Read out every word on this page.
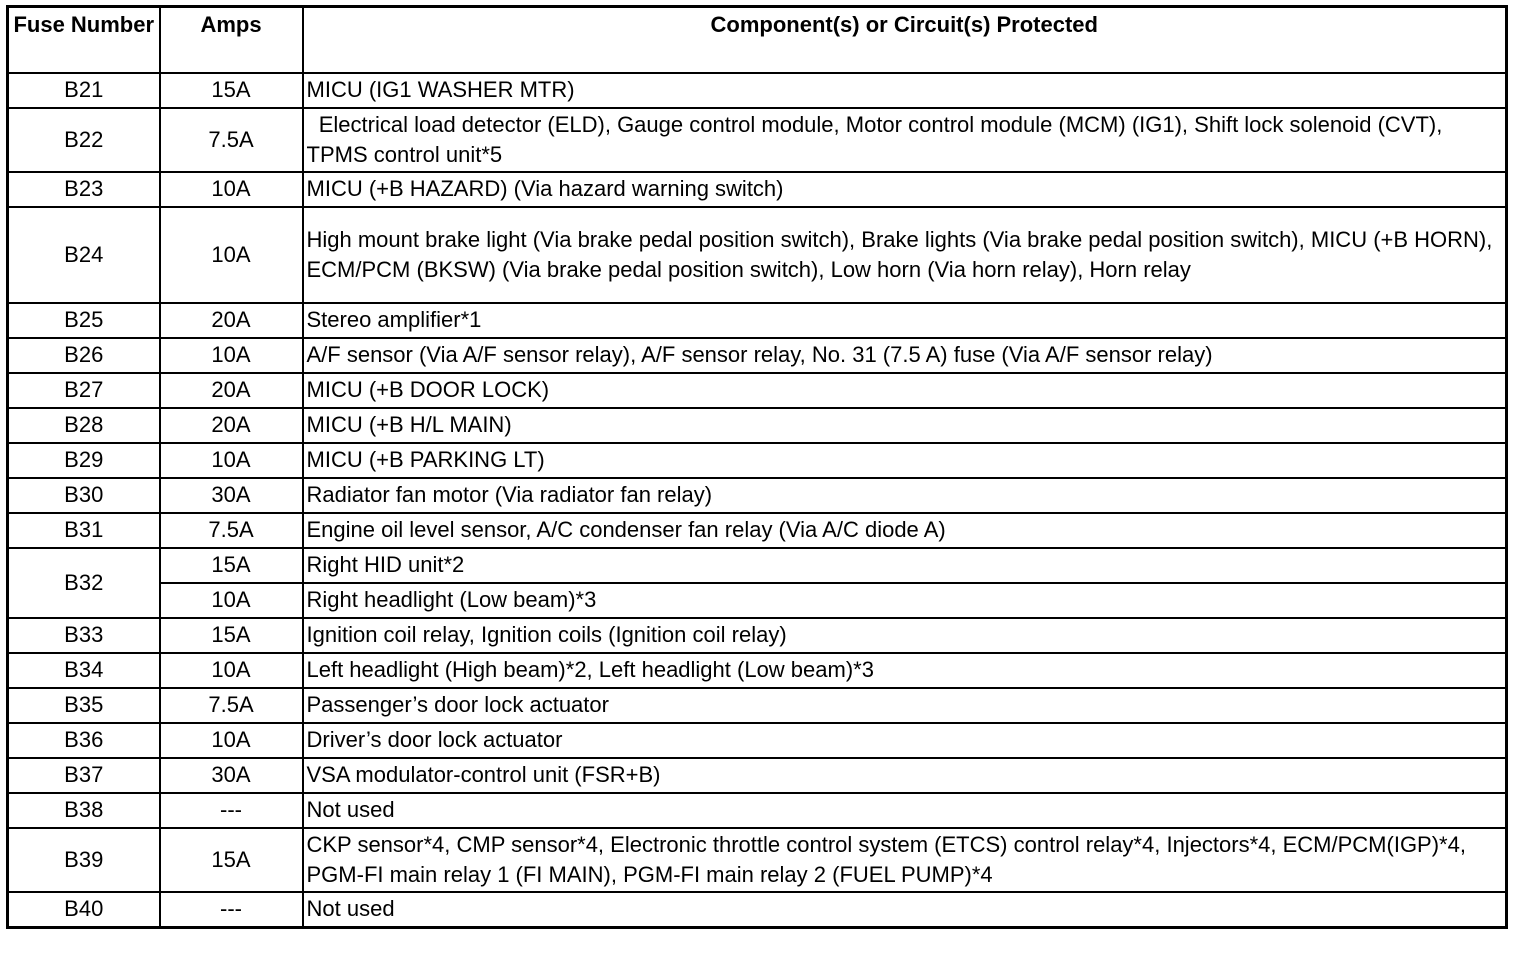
Fuse Number	Amps	Component(s) or Circuit(s) Protected
B21	15A	MICU (IG1 WASHER MTR)
B22	7.5A	Electrical load detector (ELD), Gauge control module, Motor control module (MCM) (IG1), Shift lock solenoid (CVT), TPMS control unit*5
B23	10A	MICU (+B HAZARD) (Via hazard warning switch)
B24	10A	High mount brake light (Via brake pedal position switch), Brake lights (Via brake pedal position switch), MICU (+B HORN), ECM/PCM (BKSW) (Via brake pedal position switch), Low horn (Via horn relay), Horn relay
B25	20A	Stereo amplifier*1
B26	10A	A/F sensor (Via A/F sensor relay), A/F sensor relay, No. 31 (7.5 A) fuse (Via A/F sensor relay)
B27	20A	MICU (+B DOOR LOCK)
B28	20A	MICU (+B H/L MAIN)
B29	10A	MICU (+B PARKING LT)
B30	30A	Radiator fan motor (Via radiator fan relay)
B31	7.5A	Engine oil level sensor, A/C condenser fan relay (Via A/C diode A)
B32	15A	Right HID unit*2
	10A	Right headlight (Low beam)*3
B33	15A	Ignition coil relay, Ignition coils (Ignition coil relay)
B34	10A	Left headlight (High beam)*2, Left headlight (Low beam)*3
B35	7.5A	Passenger’s door lock actuator
B36	10A	Driver’s door lock actuator
B37	30A	VSA modulator-control unit (FSR+B)
B38	---	Not used
B39	15A	CKP sensor*4, CMP sensor*4, Electronic throttle control system (ETCS) control relay*4, Injectors*4, ECM/PCM(IGP)*4, PGM-FI main relay 1 (FI MAIN), PGM-FI main relay 2 (FUEL PUMP)*4
B40	---	Not used
